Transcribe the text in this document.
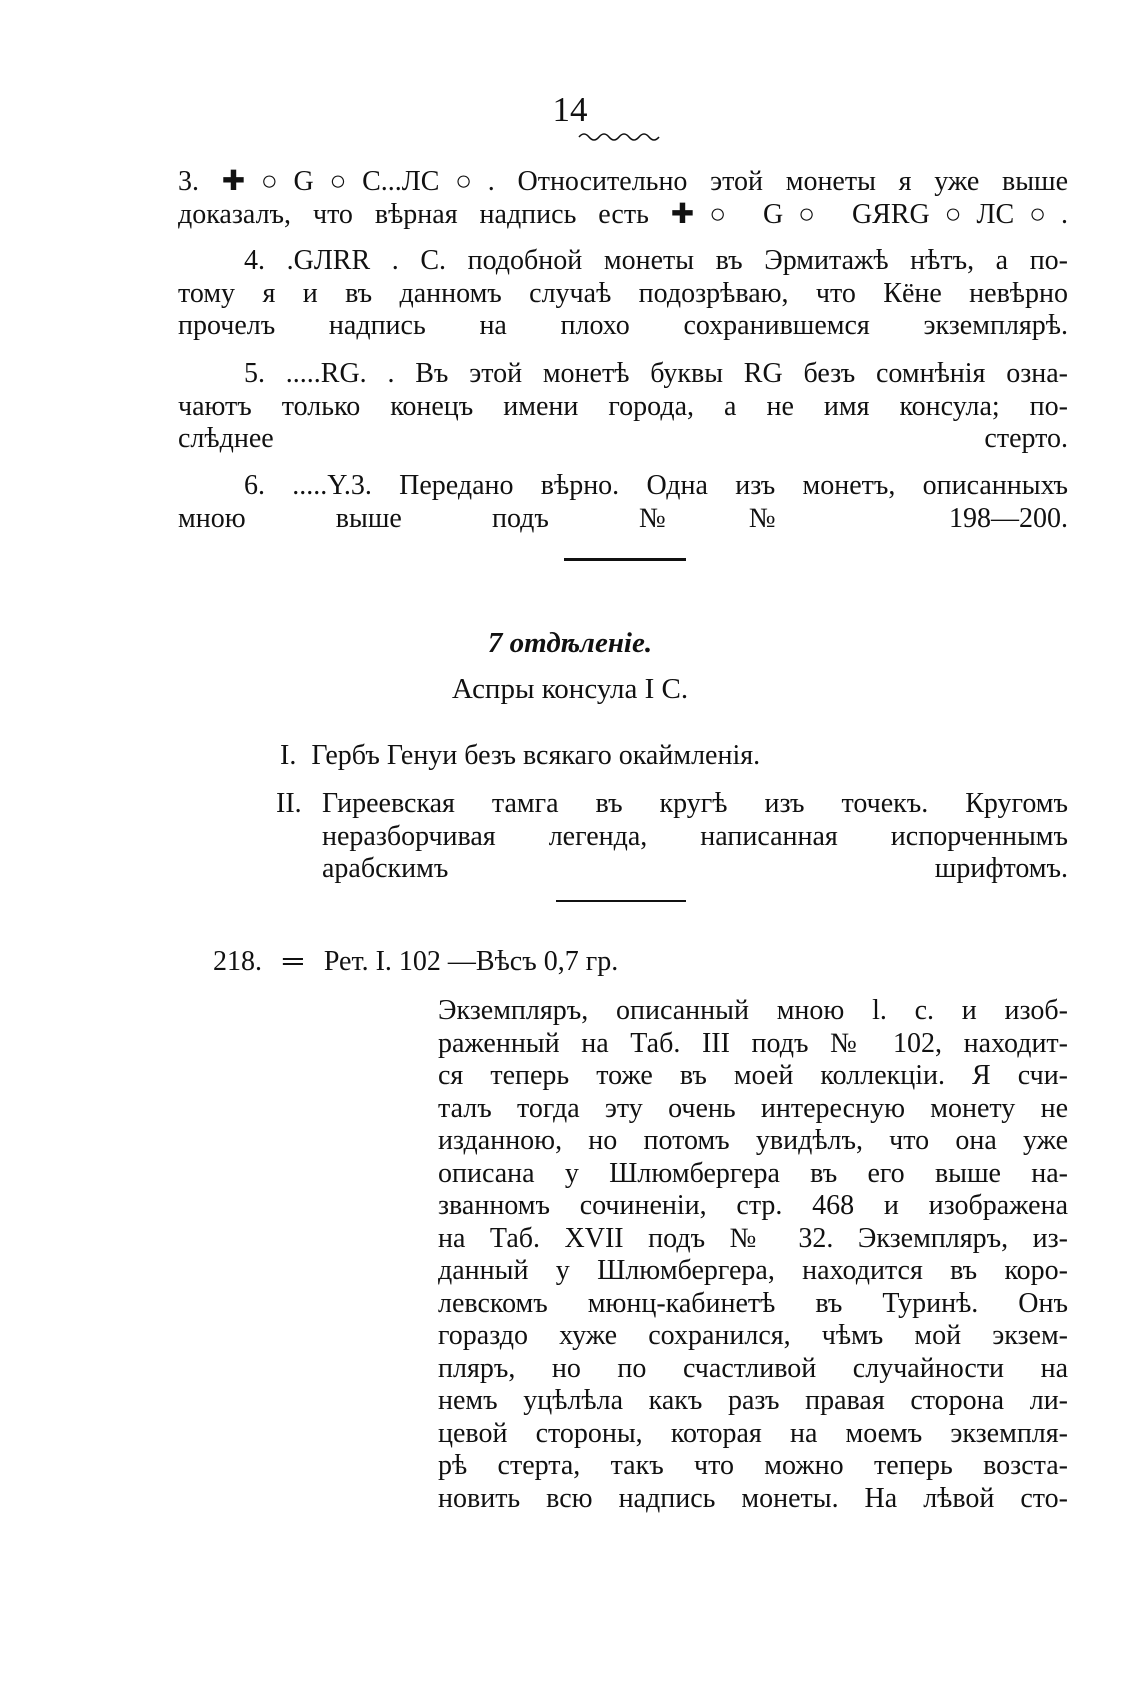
14
3. ✚○G○C...ЛC○. Относительно этой монеты я уже выше
доказалъ, что вѣрная надпись есть ✚○ G○ GЯRG○ЛC○.
4. .GЛRR . C. подобной монеты въ Эрмитажѣ нѣтъ, а по-
тому я и въ данномъ случаѣ подозрѣваю, что Кёне невѣрно
прочелъ надпись на плохо сохранившемся экземплярѣ.
5. .....RG. . Въ этой монетѣ буквы RG безъ сомнѣнія озна-
чаютъ только конецъ имени города, а не имя консула; по-
слѣднее стерто.
6. .....Y.3. Передано вѣрно. Одна изъ монетъ, описанныхъ
мною выше подъ №№ 198—200.
7 отдѣленіе.
Аспры консула I C.
I. Гербъ Генуи безъ всякаго окаймленія.
II. Гиреевская тамга въ кругѣ изъ точекъ. Кругомъ
неразборчивая легенда, написанная испорченнымъ
арабскимъ шрифтомъ.
218. ═ Рет. I. 102 —Вѣсъ 0,7 гр.
Экземпляръ, описанный мною l. c. и изоб-
раженный на Таб. III подъ № 102, находит-
ся теперь тоже въ моей коллекціи. Я счи-
талъ тогда эту очень интересную монету не
изданною, но потомъ увидѣлъ, что она уже
описана у Шлюмбергера въ его выше на-
званномъ сочиненіи, стр. 468 и изображена
на Таб. XVII подъ № 32. Экземпляръ, из-
данный у Шлюмбергера, находится въ коро-
левскомъ мюнц-кабинетѣ въ Туринѣ. Онъ
гораздо хуже сохранился, чѣмъ мой экзем-
пляръ, но по счастливой случайности на
немъ уцѣлѣла какъ разъ правая сторона ли-
цевой стороны, которая на моемъ экземпля-
рѣ стерта, такъ что можно теперь возста-
новить всю надпись монеты. На лѣвой сто-
